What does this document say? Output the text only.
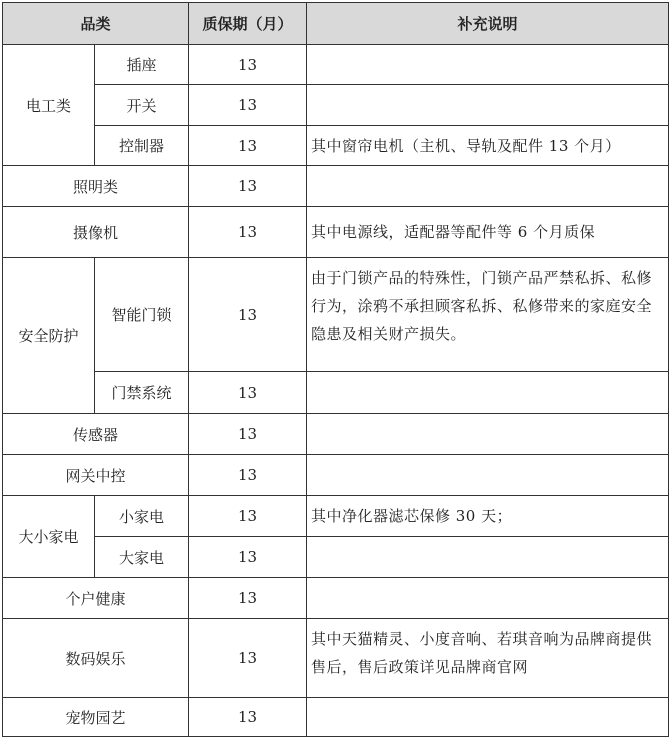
品类		质保期（月）	补充说明
电工类	插座	13	
	开关	13	
	控制器	13	其中窗帘电机（主机、导轨及配件 13 个月）
照明类		13	
摄像机		13	其中电源线，适配器等配件等 6 个月质保
安全防护	智能门锁	13	由于门锁产品的特殊性，门锁产品严禁私拆、私修行为，涂鸦不承担顾客私拆、私修带来的家庭安全隐患及相关财产损失。
	门禁系统	13	
传感器		13	
网关中控		13	
大小家电	小家电	13	其中净化器滤芯保修 30 天；
	大家电	13	
个户健康		13	
数码娱乐		13	其中天猫精灵、小度音响、若琪音响为品牌商提供售后，售后政策详见品牌商官网
宠物园艺		13	
